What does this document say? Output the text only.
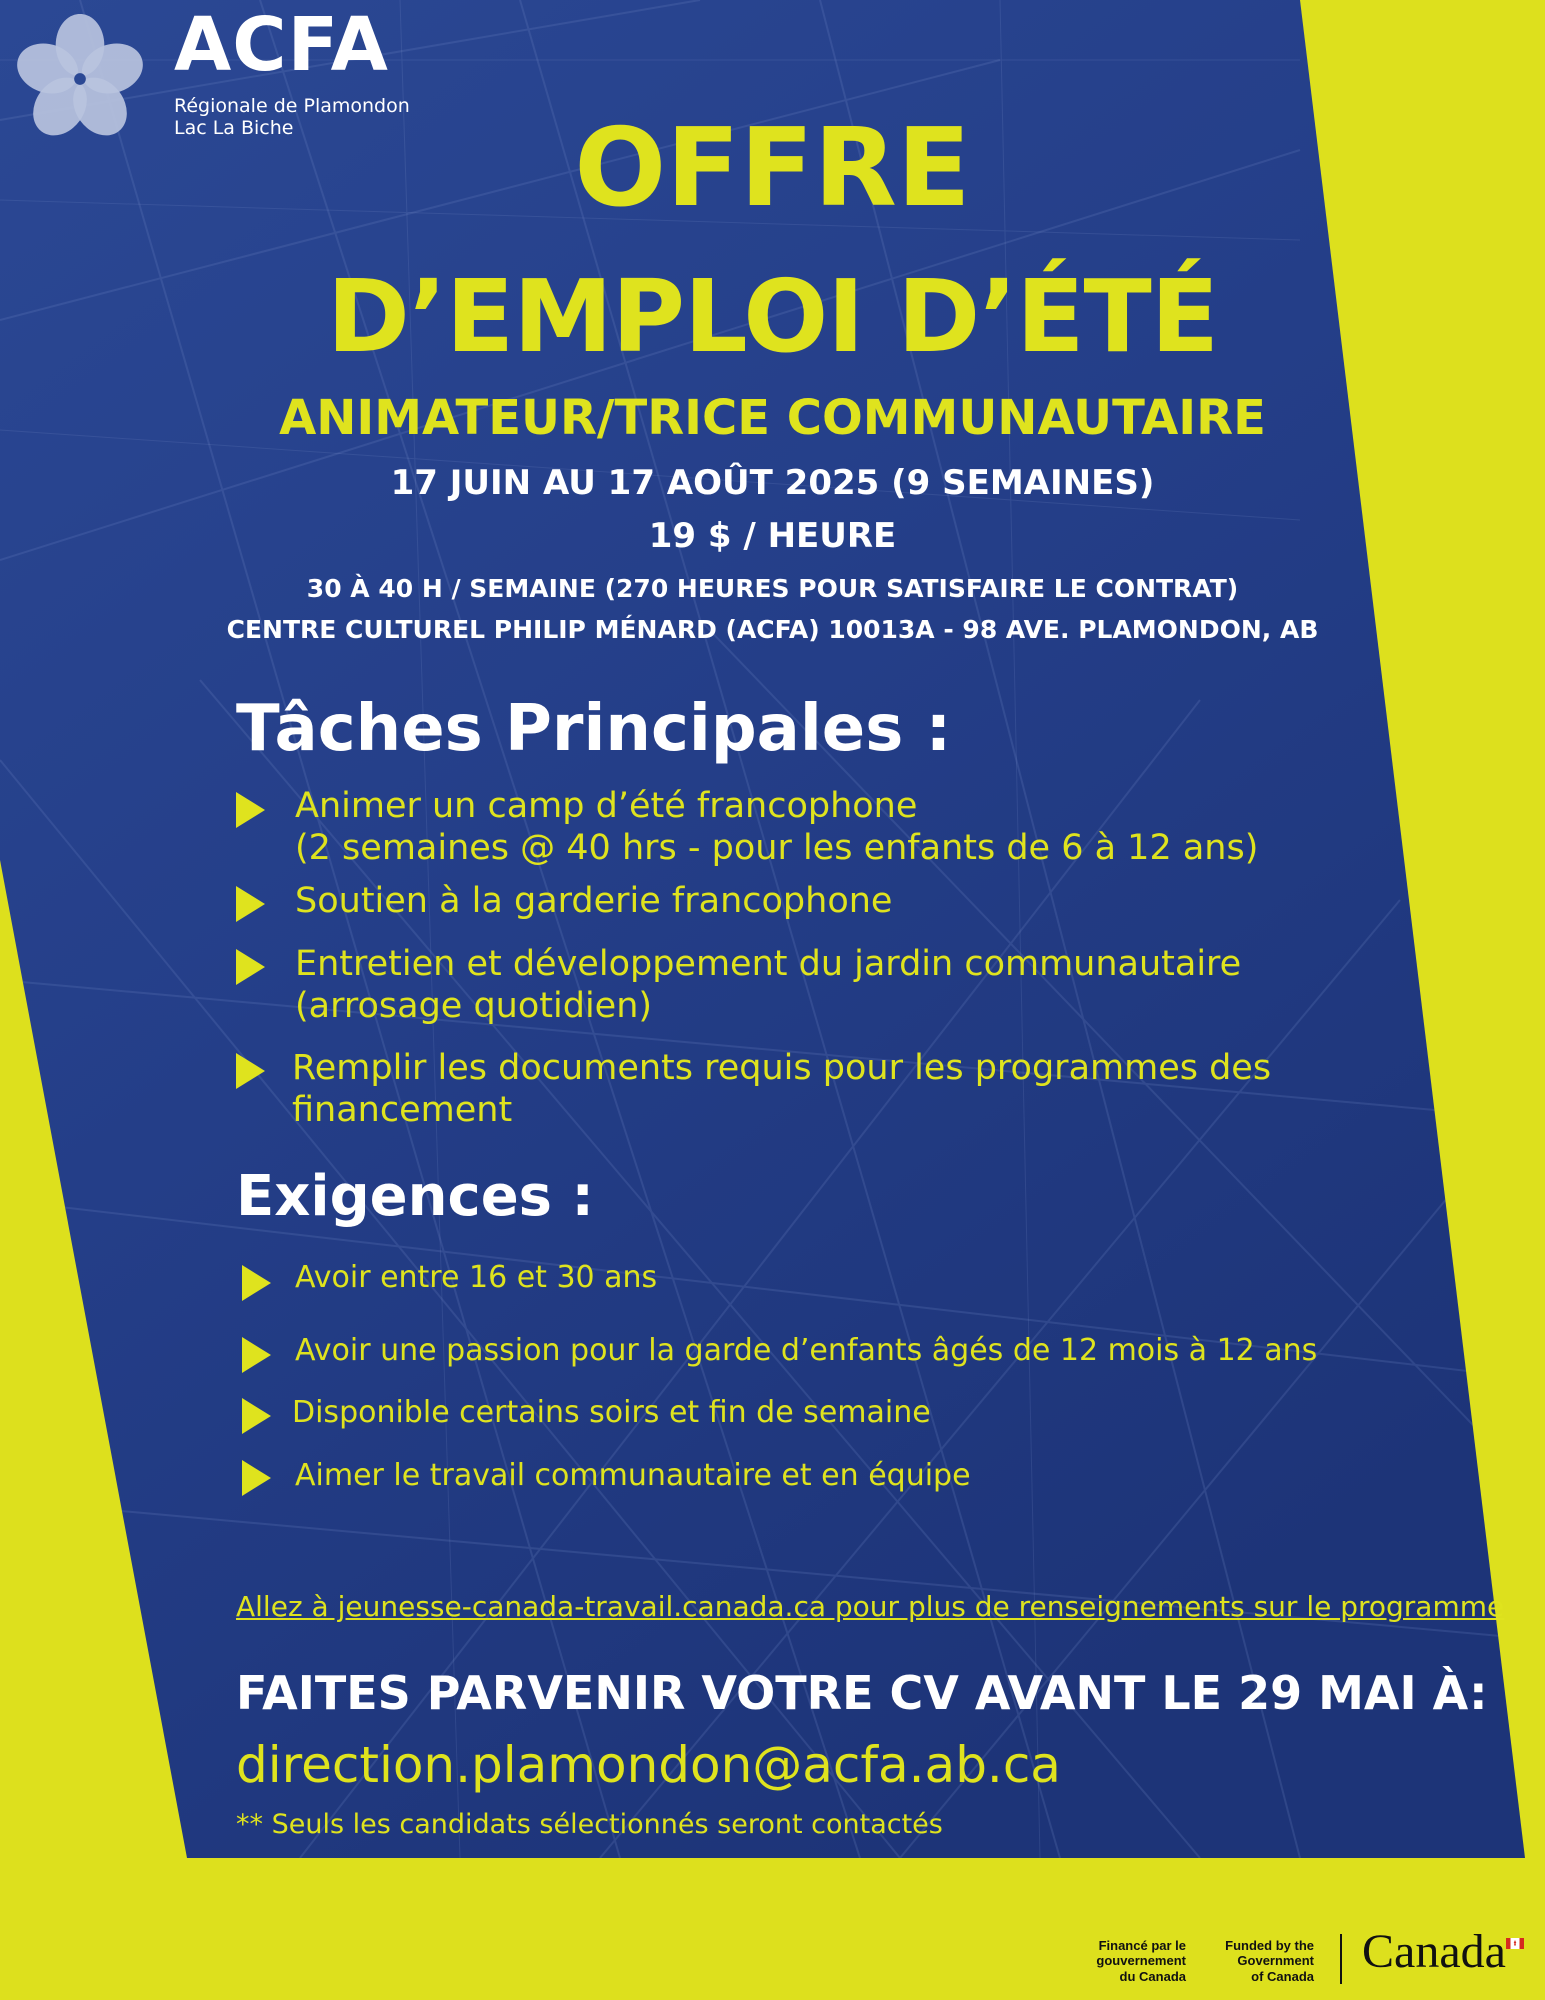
ACFA

Régionale de Plamondon

Lac La Biche	OFFRE

D’EMPLOI D’ÉTÉ

ANIMATEUR/TRICE COMMUNAUTAIRE

17 JUIN AU 17 AOÛT 2025 (9 SEMAINES)

19 $ / HEURE

30 À 40 H / SEMAINE (270 HEURES POUR SATISFAIRE LE CONTRAT)

CENTRE CULTUREL PHILIP MÉNARD (ACFA) 10013A - 98 AVE. PLAMONDON, AB

Tâches Principales :

Animer un camp d’été francophone

(2 semaines @ 40 hrs - pour les enfants de 6 à 12 ans)

Soutien à la garderie francophone

Entretien et développement du jardin communautaire

(arrosage quotidien)

Remplir les documents requis pour les programmes des

financement

Exigences :

Avoir entre 16 et 30 ans

Avoir une passion pour la garde d’enfants âgés de 12 mois à 12 ans

Disponible certains soirs et fin de semaine

Aimer le travail communautaire et en équipe

Allez à jeunesse-canada-travail.canada.ca pour plus de renseignements sur le programme

FAITES PARVENIR VOTRE CV AVANT LE 29 MAI À:

direction.plamondon@acfa.ab.ca

** Seuls les candidats sélectionnés seront contactés

Financé par le
gouvernement
du Canada
Funded by the
Government
of Canada Canada
